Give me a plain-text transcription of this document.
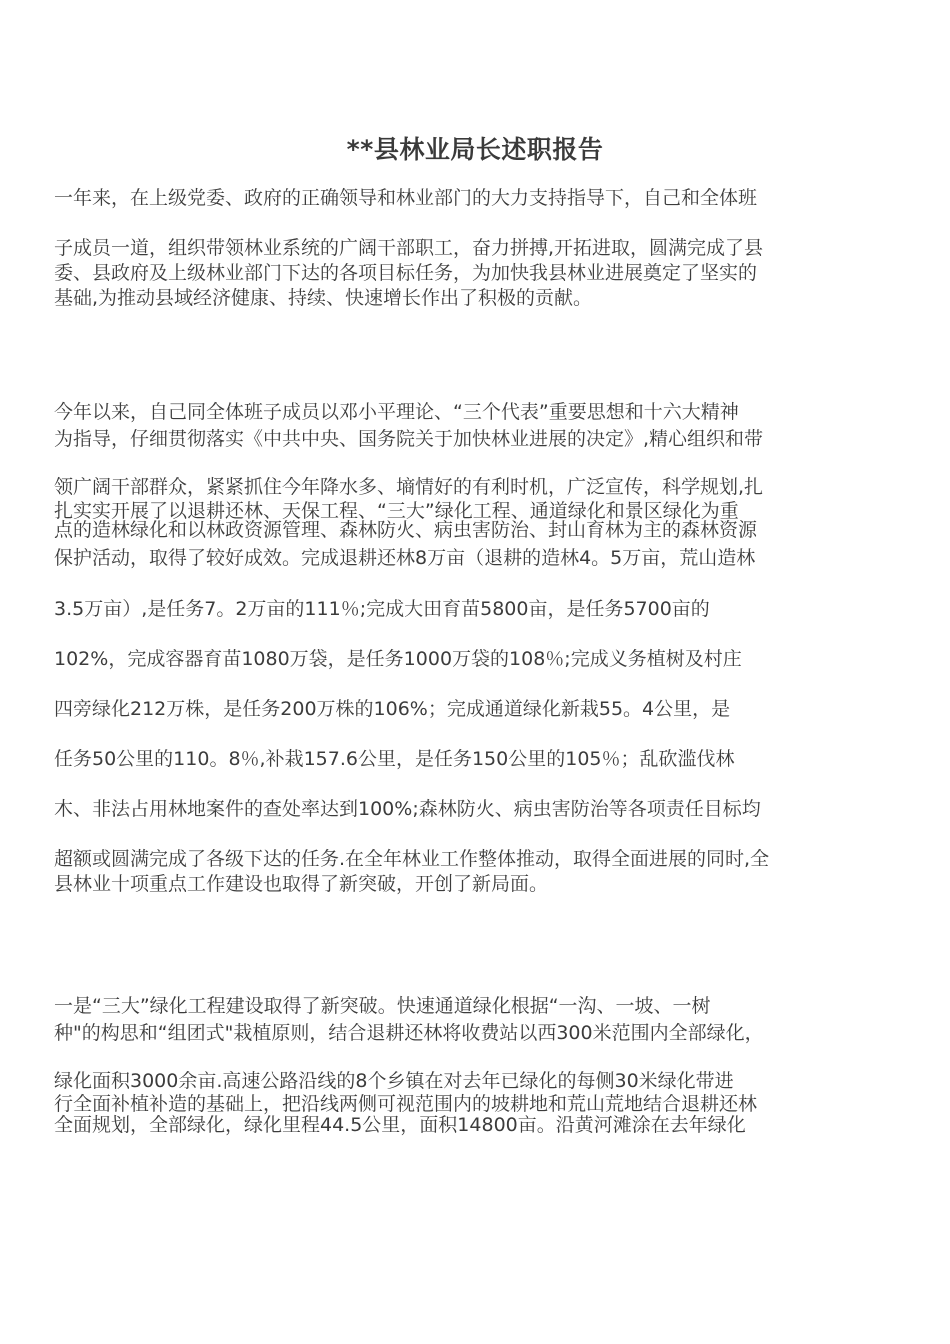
**县林业局长述职报告
一年来，在上级党委、政府的正确领导和林业部门的大力支持指导下，自己和全体班
子成员一道，组织带领林业系统的广阔干部职工，奋力拼搏,开拓进取，圆满完成了县
委、县政府及上级林业部门下达的各项目标任务，为加快我县林业进展奠定了坚实的
基础,为推动县域经济健康、持续、快速增长作出了积极的贡献。
今年以来，自己同全体班子成员以邓小平理论、“三个代表”重要思想和十六大精神
为指导，仔细贯彻落实《中共中央、国务院关于加快林业进展的决定》,精心组织和带
领广阔干部群众，紧紧抓住今年降水多、墒情好的有利时机，广泛宣传，科学规划,扎
扎实实开展了以退耕还林、天保工程、“三大”绿化工程、通道绿化和景区绿化为重
点的造林绿化和以林政资源管理、森林防火、病虫害防治、封山育林为主的森林资源
保护活动，取得了较好成效。完成退耕还林8万亩（退耕的造林4。5万亩，荒山造林
3.5万亩）,是任务7。2万亩的111％;完成大田育苗5800亩，是任务5700亩的
102%，完成容器育苗1080万袋，是任务1000万袋的108％;完成义务植树及村庄
四旁绿化212万株，是任务200万株的106%；完成通道绿化新栽55。4公里，是
任务50公里的110。8％,补栽157.6公里，是任务150公里的105％；乱砍滥伐林
木、非法占用林地案件的查处率达到100%;森林防火、病虫害防治等各项责任目标均
超额或圆满完成了各级下达的任务.在全年林业工作整体推动，取得全面进展的同时,全
县林业十项重点工作建设也取得了新突破，开创了新局面。
一是“三大”绿化工程建设取得了新突破。快速通道绿化根据“一沟、一坡、一树
种"的构思和“组团式"栽植原则，结合退耕还林将收费站以西300米范围内全部绿化，
绿化面积3000余亩.高速公路沿线的8个乡镇在对去年已绿化的每侧30米绿化带进
行全面补植补造的基础上，把沿线两侧可视范围内的坡耕地和荒山荒地结合退耕还林
全面规划，全部绿化，绿化里程44.5公里，面积14800亩。沿黄河滩涂在去年绿化
